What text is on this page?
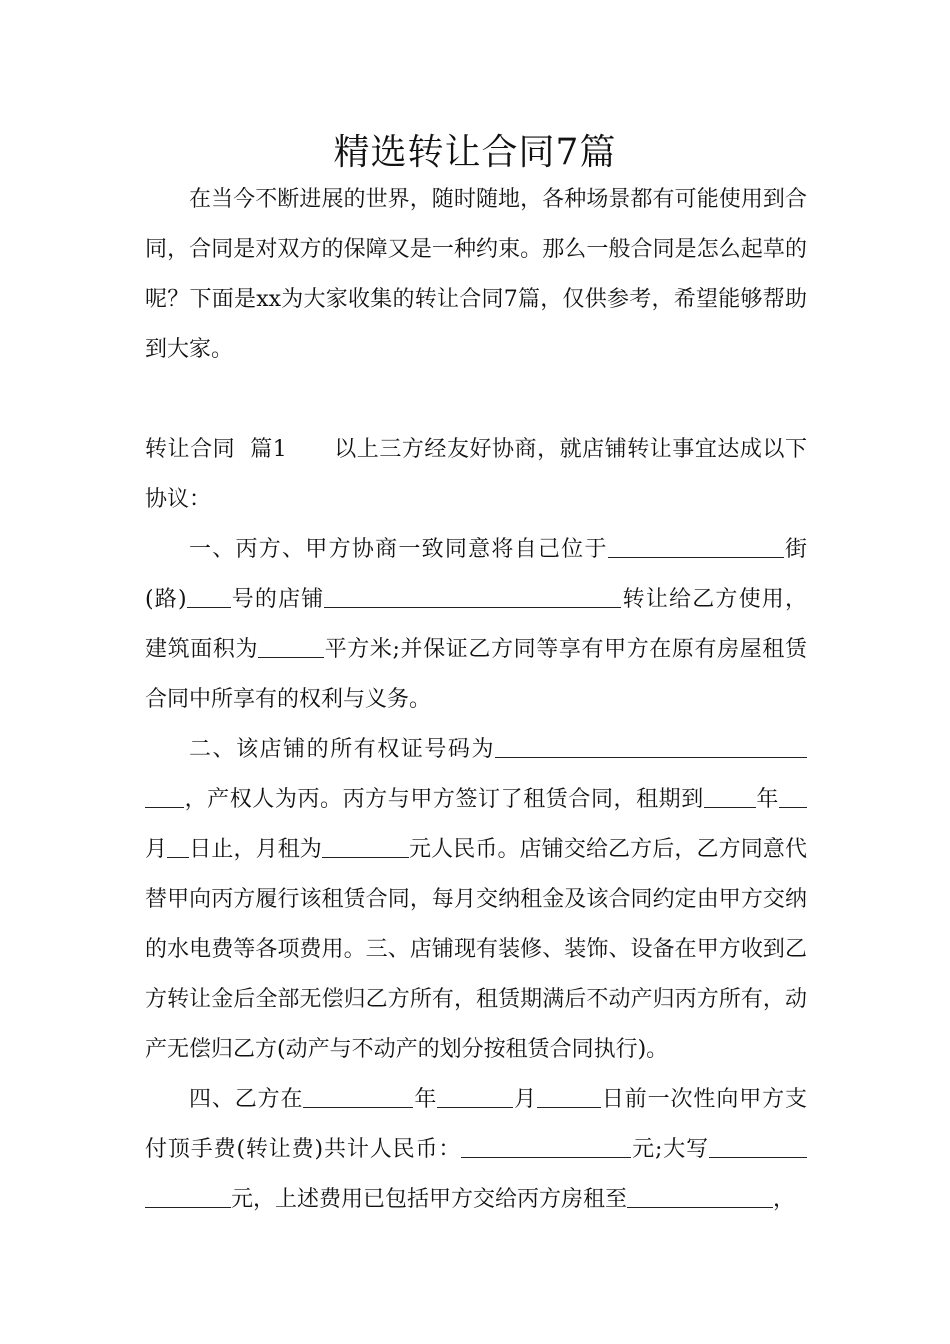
精选转让合同7篇

在当今不断进展的世界，随时随地，各种场景都有可能使用到合同，合同是对双方的保障又是一种约束。那么一般合同是怎么起草的呢？下面是xx为大家收集的转让合同7篇，仅供参考，希望能够帮助到大家。

转让合同  篇1 以上三方经友好协商，就店铺转让事宜达成以下协议：

一、丙方、甲方协商一致同意将自己位于	街(路) 号的店铺	转让给乙方使用，建筑面积为	平方米;并保证乙方同等享有甲方在原有房屋租赁合同中所享有的权利与义务。

二、该店铺的所有权证号码为，产权人为丙。丙方与甲方签订了租赁合同，租期到 年月 日止，月租为	元人民币。店铺交给乙方后，乙方同意代替甲向丙方履行该租赁合同，每月交纳租金及该合同约定由甲方交纳的水电费等各项费用。三、店铺现有装修、装饰、设备在甲方收到乙方转让金后全部无偿归乙方所有，租赁期满后不动产归丙方所有，动产无偿归乙方(动产与不动产的划分按租赁合同执行)。

四、乙方在	年	月	日前一次性向甲方支付顶手费(转让费)共计人民币：	元;大写元，上述费用已包括甲方交给丙方房租至	，
